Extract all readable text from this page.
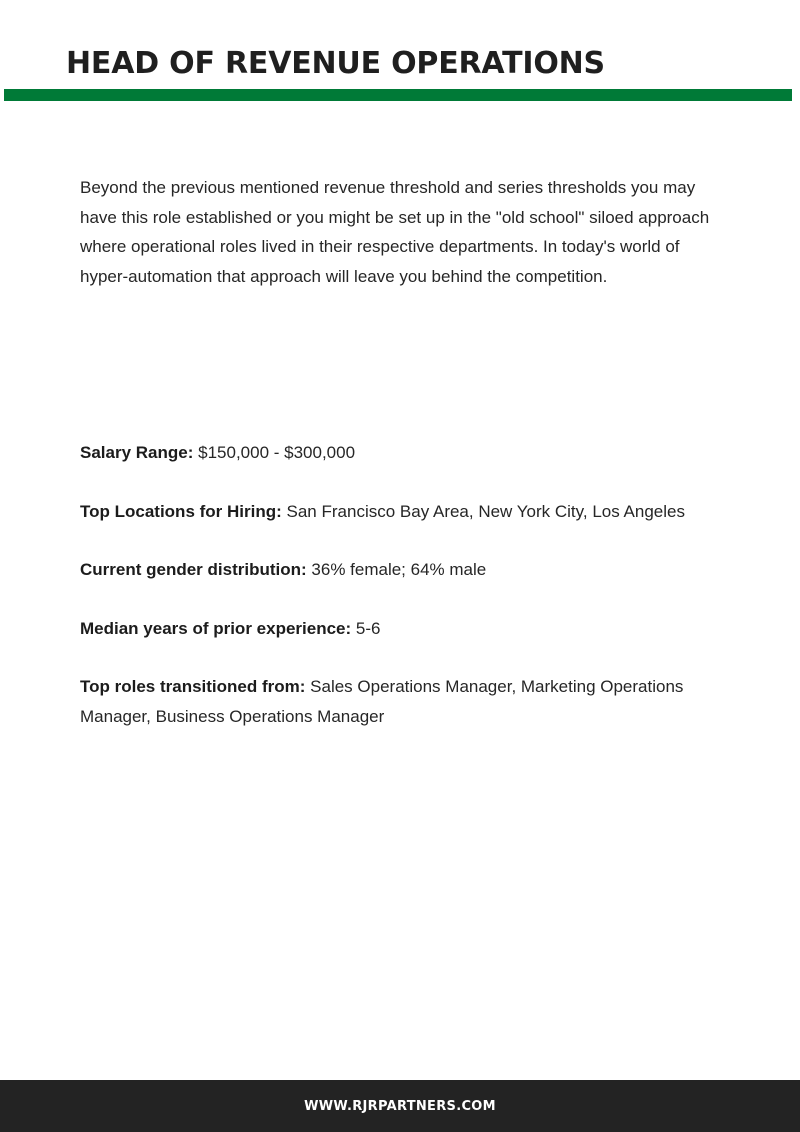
HEAD OF REVENUE OPERATIONS

Beyond the previous mentioned revenue threshold and series thresholds you may have this role established or you might be set up in the "old school" siloed approach where operational roles lived in their respective departments. In today's world of hyper-automation that approach will leave you behind the competition.

Salary Range: $150,000 - $300,000

Top Locations for Hiring: San Francisco Bay Area, New York City, Los Angeles

Current gender distribution: 36% female; 64% male

Median years of prior experience: 5-6

Top roles transitioned from: Sales Operations Manager, Marketing Operations Manager, Business Operations Manager

WWW.RJRPARTNERS.COM
